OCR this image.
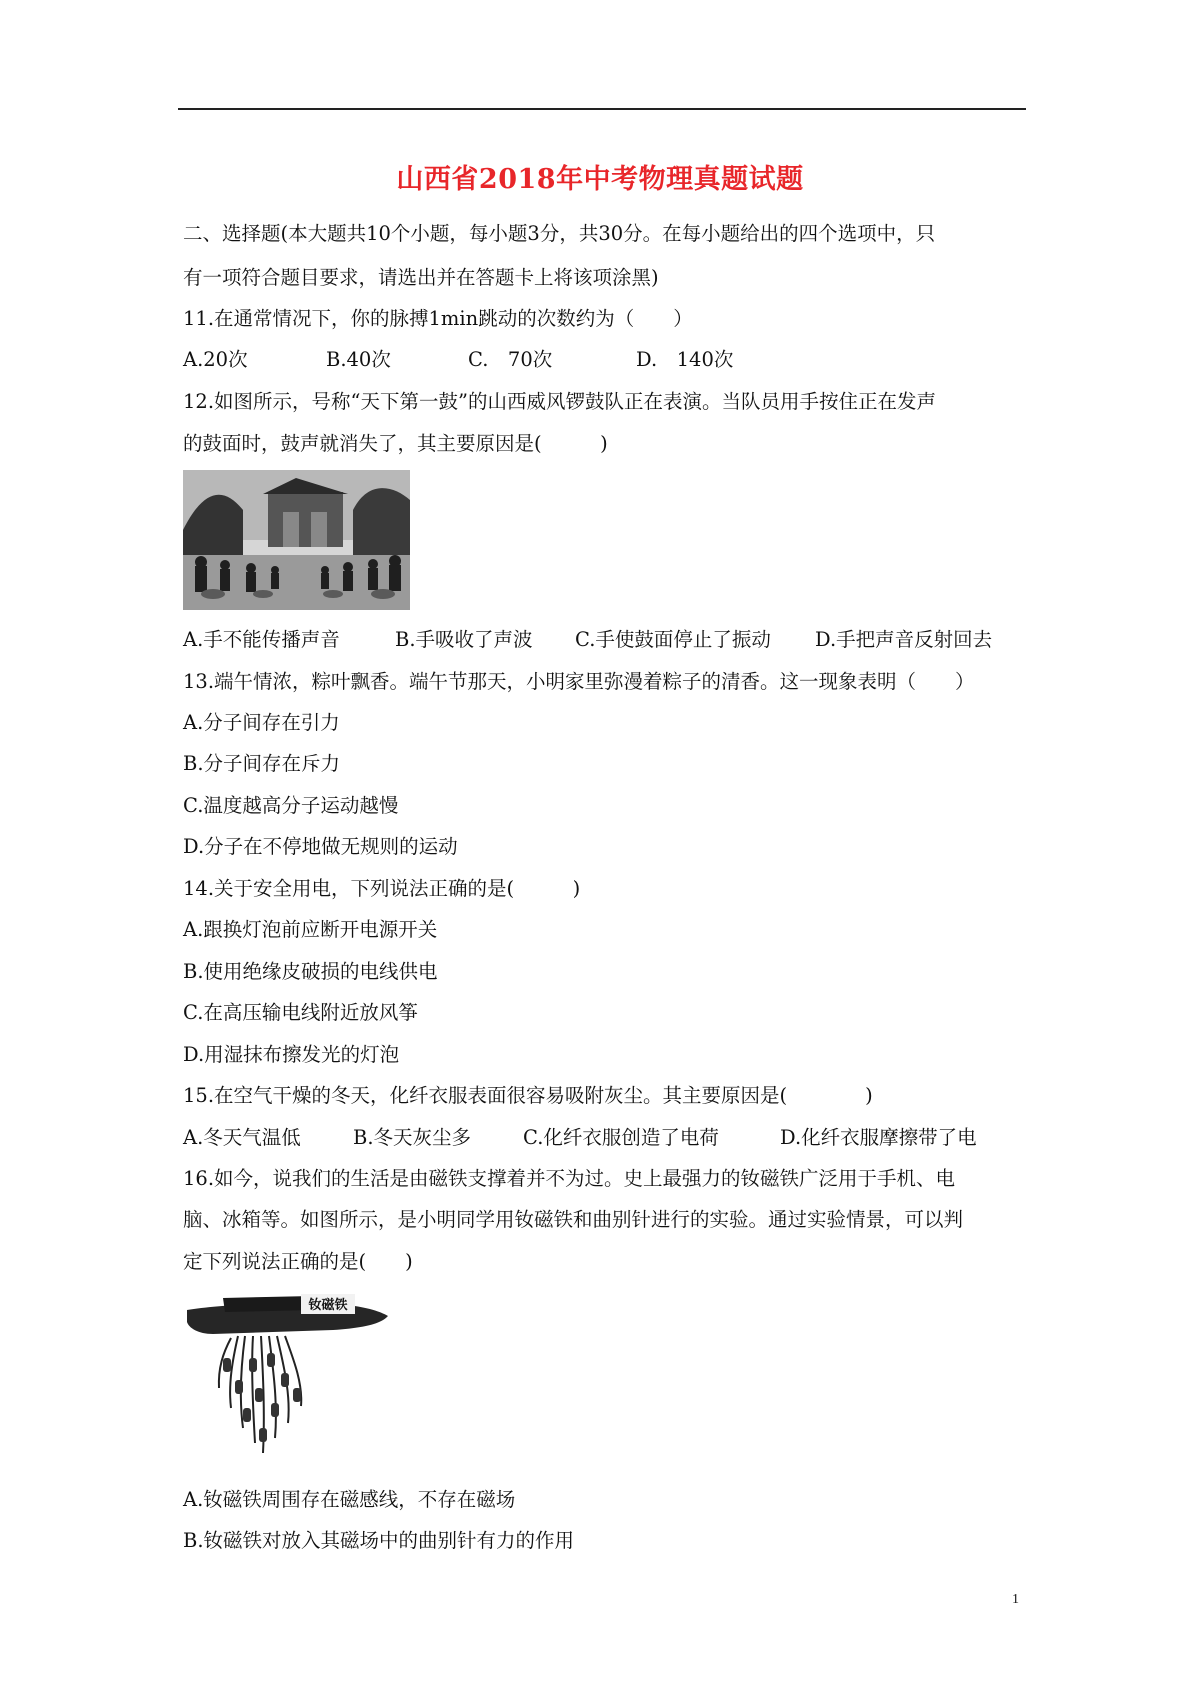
山西省2018年中考物理真题试题
二、选择题(本大题共10个小题，每小题3分，共30分。在每小题给出的四个选项中，只
有一项符合题目要求，请选出并在答题卡上将该项涂黑)
11.在通常情况下，你的脉搏1min跳动的次数约为（　　）
A.20次	B.40次	C.　70次	D.　140次
12.如图所示，号称“天下第一鼓”的山西威风锣鼓队正在表演。当队员用手按住正在发声
的鼓面时，鼓声就消失了，其主要原因是(　　　)
A.手不能传播声音	B.手吸收了声波 C.手使鼓面停止了振动 D.手把声音反射回去
13.端午情浓，粽叶飘香。端午节那天，小明家里弥漫着粽子的清香。这一现象表明（　　）
A.分子间存在引力
B.分子间存在斥力
C.温度越高分子运动越慢
D.分子在不停地做无规则的运动
14.关于安全用电，下列说法正确的是(　　　)
A.跟换灯泡前应断开电源开关
B.使用绝缘皮破损的电线供电
C.在高压输电线附近放风筝
D.用湿抹布擦发光的灯泡
15.在空气干燥的冬天，化纤衣服表面很容易吸附灰尘。其主要原因是(　　　　)
A.冬天气温低	B.冬天灰尘多	C.化纤衣服创造了电荷	D.化纤衣服摩擦带了电
16.如今，说我们的生活是由磁铁支撑着并不为过。史上最强力的钕磁铁广泛用于手机、电
脑、冰箱等。如图所示，是小明同学用钕磁铁和曲别针进行的实验。通过实验情景，可以判
定下列说法正确的是(　　)
钕磁铁
A.钕磁铁周围存在磁感线，不存在磁场
B.钕磁铁对放入其磁场中的曲别针有力的作用
1
